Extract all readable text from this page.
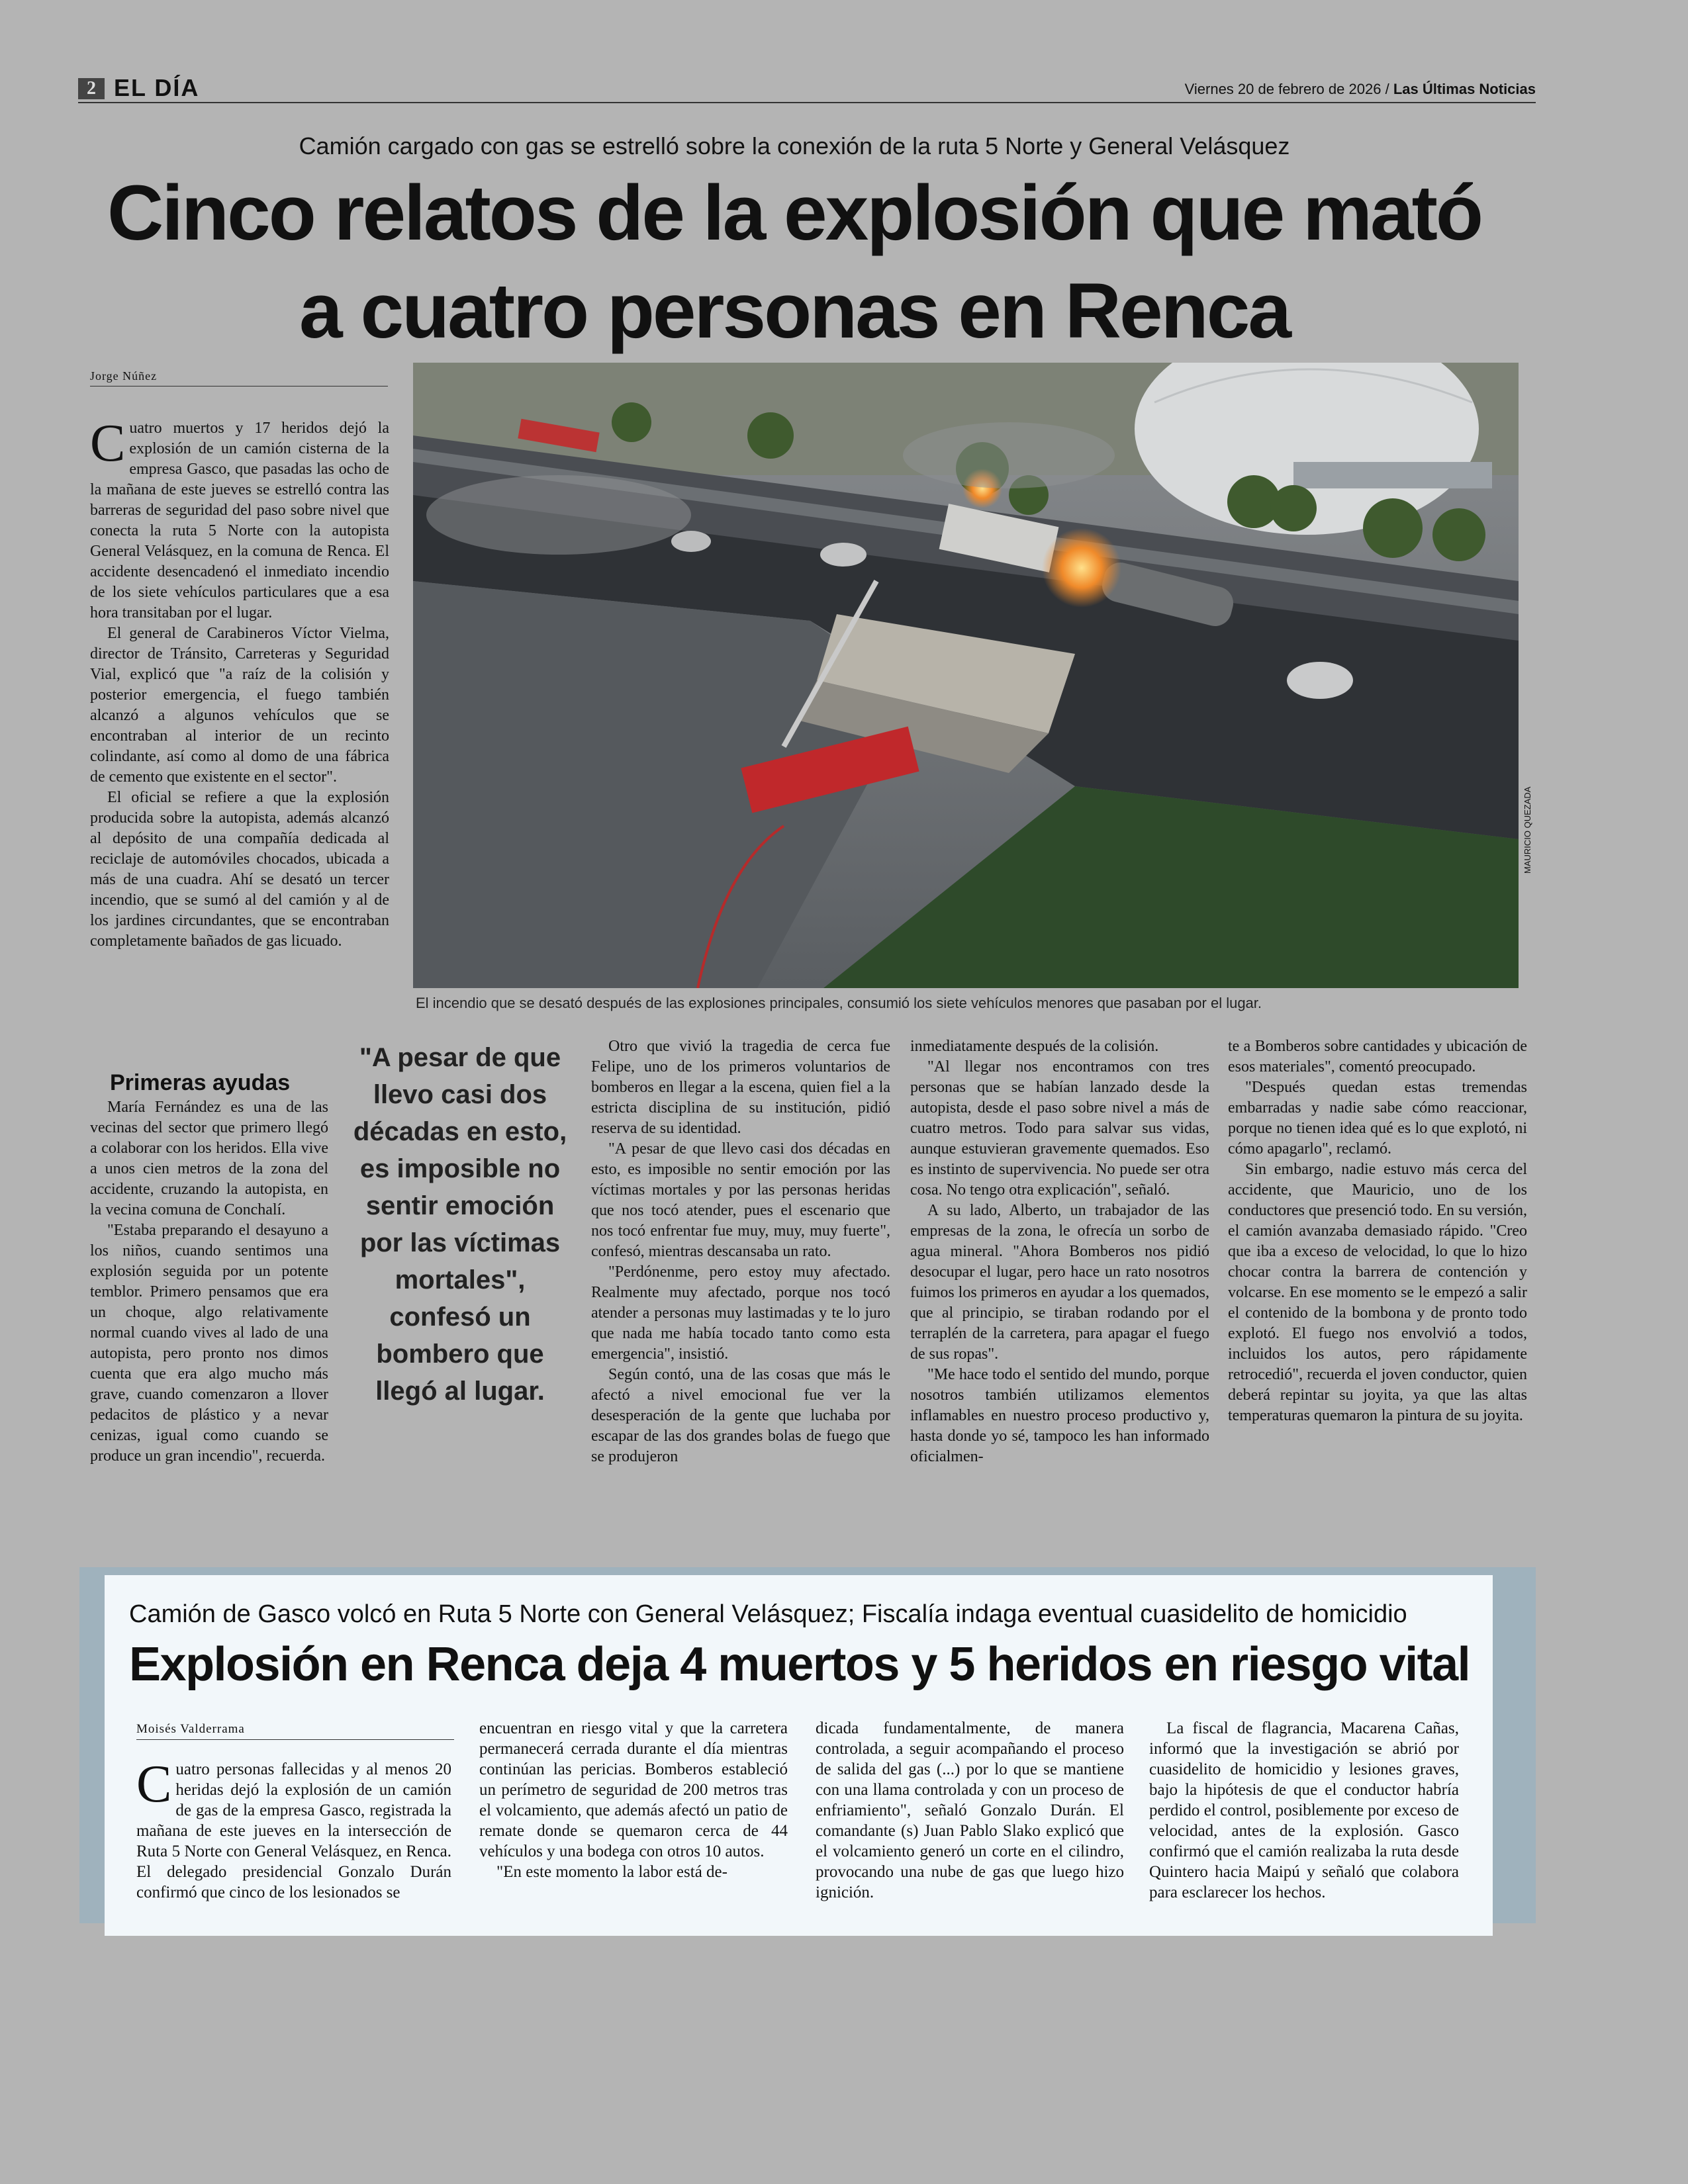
2 EL DÍA	Viernes 20 de febrero de 2026 / Las Últimas Noticias
Camión cargado con gas se estrelló sobre la conexión de la ruta 5 Norte y General Velásquez
Cinco relatos de la explosión que mató
a cuatro personas en Renca
Jorge Núñez
MAURICIO QUEZADA
El incendio que se desató después de las explosiones principales, consumió los siete vehículos menores que pasaban por el lugar.

Cuatro muertos y 17 heridos dejó la explosión de un camión cisterna de la empresa Gasco, que pasadas las ocho de la mañana de este jueves se estrelló contra las barreras de seguridad del paso sobre nivel que conecta la ruta 5 Norte con la autopista General Velásquez, en la comuna de Renca. El accidente desencadenó el inmediato incendio de los siete vehículos particulares que a esa hora transitaban por el lugar.

El general de Carabineros Víctor Vielma, director de Tránsito, Carreteras y Seguridad Vial, explicó que "a raíz de la colisión y posterior emergencia, el fuego también alcanzó a algunos vehículos que se encontraban al interior de un recinto colindante, así como al domo de una fábrica de cemento que existente en el sector".

El oficial se refiere a que la explosión producida sobre la autopista, además alcanzó al depósito de una compañía dedicada al reciclaje de automóviles chocados, ubicada a más de una cuadra. Ahí se desató un tercer incendio, que se sumó al del camión y al de los jardines circundantes, que se encontraban completamente bañados de gas licuado.

Primeras ayudas

María Fernández es una de las vecinas del sector que primero llegó a colaborar con los heridos. Ella vive a unos cien metros de la zona del accidente, cruzando la autopista, en la vecina comuna de Conchalí.

"Estaba preparando el desayuno a los niños, cuando sentimos una explosión seguida por un potente temblor. Primero pensamos que era un choque, algo relativamente normal cuando vives al lado de una autopista, pero pronto nos dimos cuenta que era algo mucho más grave, cuando comenzaron a llover pedacitos de plástico y a nevar cenizas, igual como cuando se produce un gran incendio", recuerda.

"A pesar de que llevo casi dos décadas en esto, es imposible no sentir emoción por las víctimas mortales", confesó un bombero que llegó al lugar.

Otro que vivió la tragedia de cerca fue Felipe, uno de los primeros voluntarios de bomberos en llegar a la escena, quien fiel a la estricta disciplina de su institución, pidió reserva de su identidad.

"A pesar de que llevo casi dos décadas en esto, es imposible no sentir emoción por las víctimas mortales y por las personas heridas que nos tocó atender, pues el escenario que nos tocó enfrentar fue muy, muy, muy fuerte", confesó, mientras descansaba un rato.

"Perdónenme, pero estoy muy afectado. Realmente muy afectado, porque nos tocó atender a personas muy lastimadas y te lo juro que nada me había tocado tanto como esta emergencia", insistió.

Según contó, una de las cosas que más le afectó a nivel emocional fue ver la desesperación de la gente que luchaba por escapar de las dos grandes bolas de fuego que se produjeron

inmediatamente después de la colisión.

"Al llegar nos encontramos con tres personas que se habían lanzado desde la autopista, desde el paso sobre nivel a más de cuatro metros. Todo para salvar sus vidas, aunque estuvieran gravemente quemados. Eso es instinto de supervivencia. No puede ser otra cosa. No tengo otra explicación", señaló.

A su lado, Alberto, un trabajador de las empresas de la zona, le ofrecía un sorbo de agua mineral. "Ahora Bomberos nos pidió desocupar el lugar, pero hace un rato nosotros fuimos los primeros en ayudar a los quemados, que al principio, se tiraban rodando por el terraplén de la carretera, para apagar el fuego de sus ropas".

"Me hace todo el sentido del mundo, porque nosotros también utilizamos elementos inflamables en nuestro proceso productivo y, hasta donde yo sé, tampoco les han informado oficialmen-

te a Bomberos sobre cantidades y ubicación de esos materiales", comentó preocupado.

"Después quedan estas tremendas embarradas y nadie sabe cómo reaccionar, porque no tienen idea qué es lo que explotó, ni cómo apagarlo", reclamó.

Sin embargo, nadie estuvo más cerca del accidente, que Mauricio, uno de los conductores que presenció todo. En su versión, el camión avanzaba demasiado rápido. "Creo que iba a exceso de velocidad, lo que lo hizo chocar contra la barrera de contención y volcarse. En ese momento se le empezó a salir el contenido de la bombona y de pronto todo explotó. El fuego nos envolvió a todos, incluidos los autos, pero rápidamente retrocedió", recuerda el joven conductor, quien deberá repintar su joyita, ya que las altas temperaturas quemaron la pintura de su joyita.

Camión de Gasco volcó en Ruta 5 Norte con General Velásquez; Fiscalía indaga eventual cuasidelito de homicidio
Explosión en Renca deja 4 muertos y 5 heridos en riesgo vital
Moisés Valderrama

Cuatro personas fallecidas y al menos 20 heridas dejó la explosión de un camión de gas de la empresa Gasco, registrada la mañana de este jueves en la intersección de Ruta 5 Norte con General Velásquez, en Renca. El delegado presidencial Gonzalo Durán confirmó que cinco de los lesionados se

encuentran en riesgo vital y que la carretera permanecerá cerrada durante el día mientras continúan las pericias. Bomberos estableció un perímetro de seguridad de 200 metros tras el volcamiento, que además afectó un patio de remate donde se quemaron cerca de 44 vehículos y una bodega con otros 10 autos.

"En este momento la labor está de-

dicada fundamentalmente, de manera controlada, a seguir acompañando el proceso de salida del gas (...) por lo que se mantiene con una llama controlada y con un proceso de enfriamiento", señaló Gonzalo Durán. El comandante (s) Juan Pablo Slako explicó que el volcamiento generó un corte en el cilindro, provocando una nube de gas que luego hizo ignición.

La fiscal de flagrancia, Macarena Cañas, informó que la investigación se abrió por cuasidelito de homicidio y lesiones graves, bajo la hipótesis de que el conductor habría perdido el control, posiblemente por exceso de velocidad, antes de la explosión. Gasco confirmó que el camión realizaba la ruta desde Quintero hacia Maipú y señaló que colabora para esclarecer los hechos.
